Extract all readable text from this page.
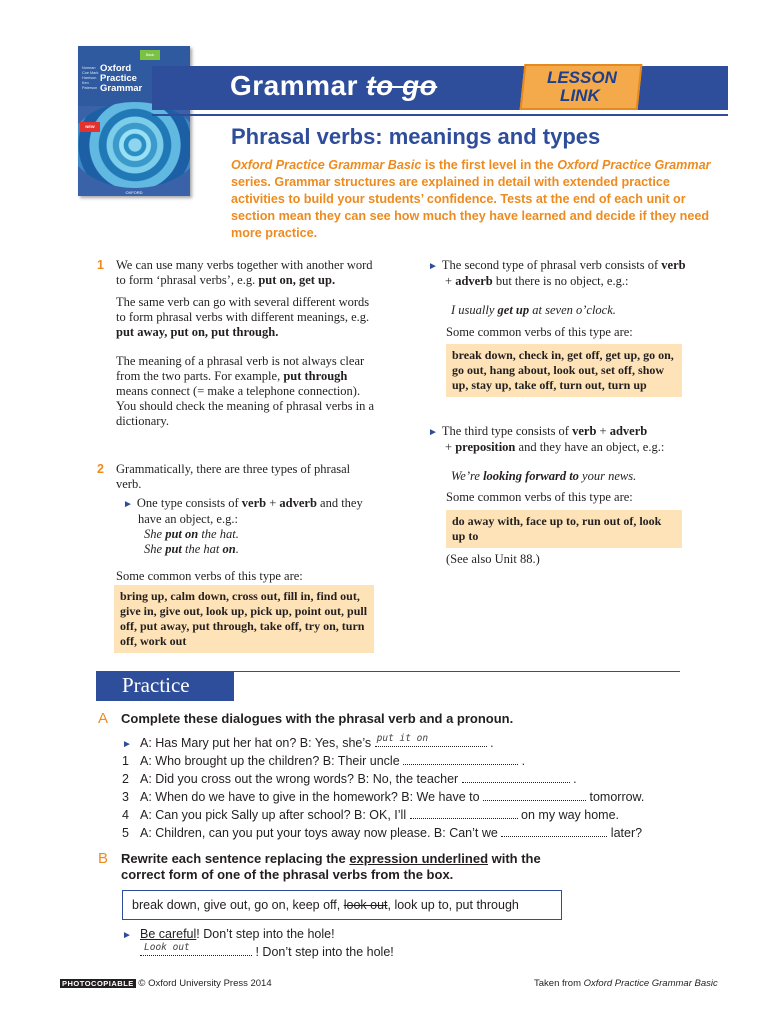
Basic
Norman Coe Mark Harrison Ken Paterson
Oxford
Practice
Grammar
NEW
OXFORD
Grammar to go	LESSON
LINK
Phrasal verbs: meanings and types
Oxford Practice Grammar Basic is the first level in the Oxford Practice Grammar series. Grammar structures are explained in detail with extended practice activities to build your students’ confidence. Tests at the end of each unit or section mean they can see how much they have learned and decide if they need more practice.
1 We can use many verbs together with another word to form ‘phrasal verbs’, e.g. put on, get up.

The same verb can go with several different words to form phrasal verbs with different meanings, e.g. put away, put on, put through.

The meaning of a phrasal verb is not always clear from the two parts. For example, put through means connect (= make a telephone connection). You should check the meaning of phrasal verbs in a dictionary.

2 Grammatically, there are three types of phrasal verb.

► One type consists of verb + adverb and they have an object, e.g.:

She put on the hat.

She put the hat on.

Some common verbs of this type are:

bring up, calm down, cross out, fill in, find out, give in, give out, look up, pick up, point out, pull off, put away, put through, take off, try on, turn off, work out

► The second type of phrasal verb consists of verb + adverb but there is no object, e.g.:

I usually get up at seven o’clock.
Some common verbs of this type are:
break down, check in, get off, get up, go on, go out, hang about, look out, set off, show up, stay up, take off, turn out, turn up

► The third type consists of verb + adverb
+ preposition and they have an object, e.g.:

We’re looking forward to your news.
Some common verbs of this type are:
do away with, face up to, run out of, look up to
(See also Unit 88.)
Practice
A Complete these dialogues with the phrasal verb and a pronoun.
► A: Has Mary put her hat on? B: Yes, she’s put it on	.
1 A: Who brought up the children? B: Their uncle	.
2 A: Did you cross out the wrong words? B: No, the teacher	.
3 A: When do we have to give in the homework? B: We have to	tomorrow.
4 A: Can you pick Sally up after school? B: OK, I’ll	on my way home.
5 A: Children, can you put your toys away now please. B: Can’t we	later?
B Rewrite each sentence replacing the expression underlined with the correct form of one of the phrasal verbs from the box.
break down, give out, go on, keep off, look out, look up to, put through
► Be careful! Don’t step into the hole!
Look out	! Don’t step into the hole!
PHOTOCOPIABLE © Oxford University Press 2014	Taken from Oxford Practice Grammar Basic
